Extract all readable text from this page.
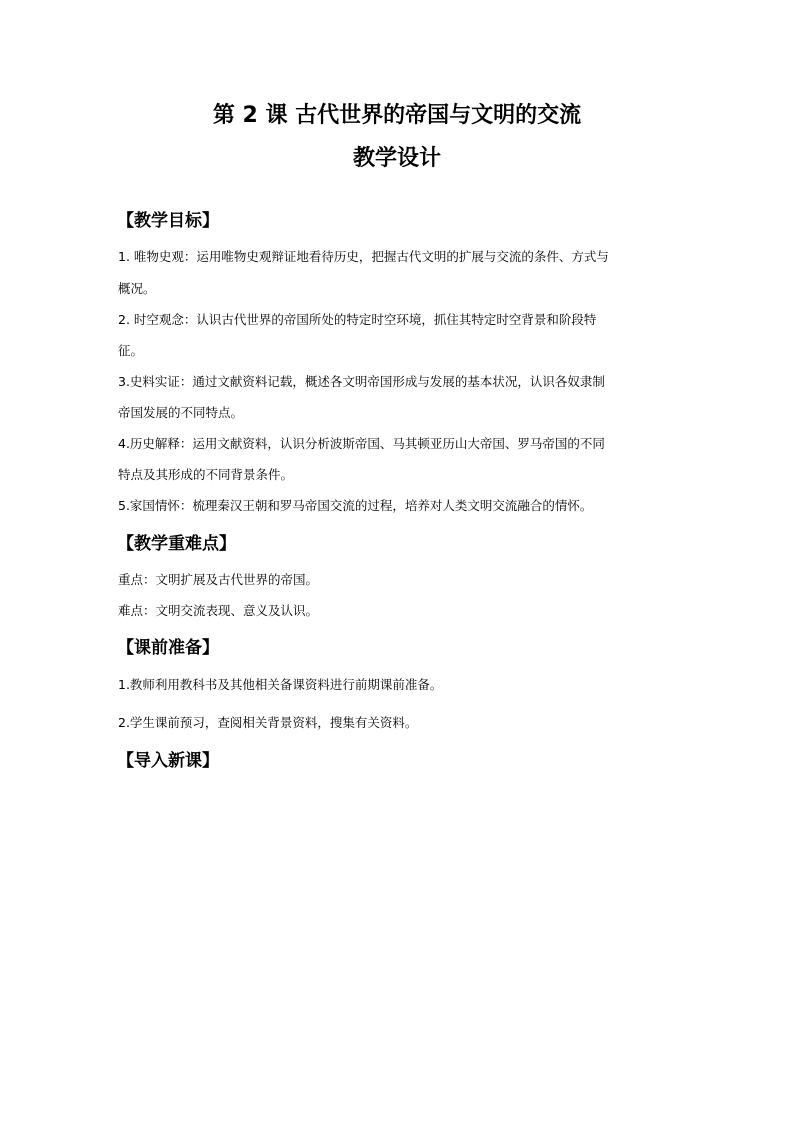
第 2 课 古代世界的帝国与文明的交流
教学设计
【教学目标】
1. 唯物史观：运用唯物史观辩证地看待历史，把握古代文明的扩展与交流的条件、方式与
概况。
2. 时空观念：认识古代世界的帝国所处的特定时空环境，抓住其特定时空背景和阶段特
征。
3.史料实证：通过文献资料记载，概述各文明帝国形成与发展的基本状况，认识各奴隶制
帝国发展的不同特点。
4.历史解释：运用文献资料，认识分析波斯帝国、马其顿亚历山大帝国、罗马帝国的不同
特点及其形成的不同背景条件。
5.家国情怀：梳理秦汉王朝和罗马帝国交流的过程，培养对人类文明交流融合的情怀。
【教学重难点】
重点：文明扩展及古代世界的帝国。
难点：文明交流表现、意义及认识。
【课前准备】
1.教师利用教科书及其他相关备课资料进行前期课前准备。
2.学生课前预习，查阅相关背景资料，搜集有关资料。
【导入新课】
